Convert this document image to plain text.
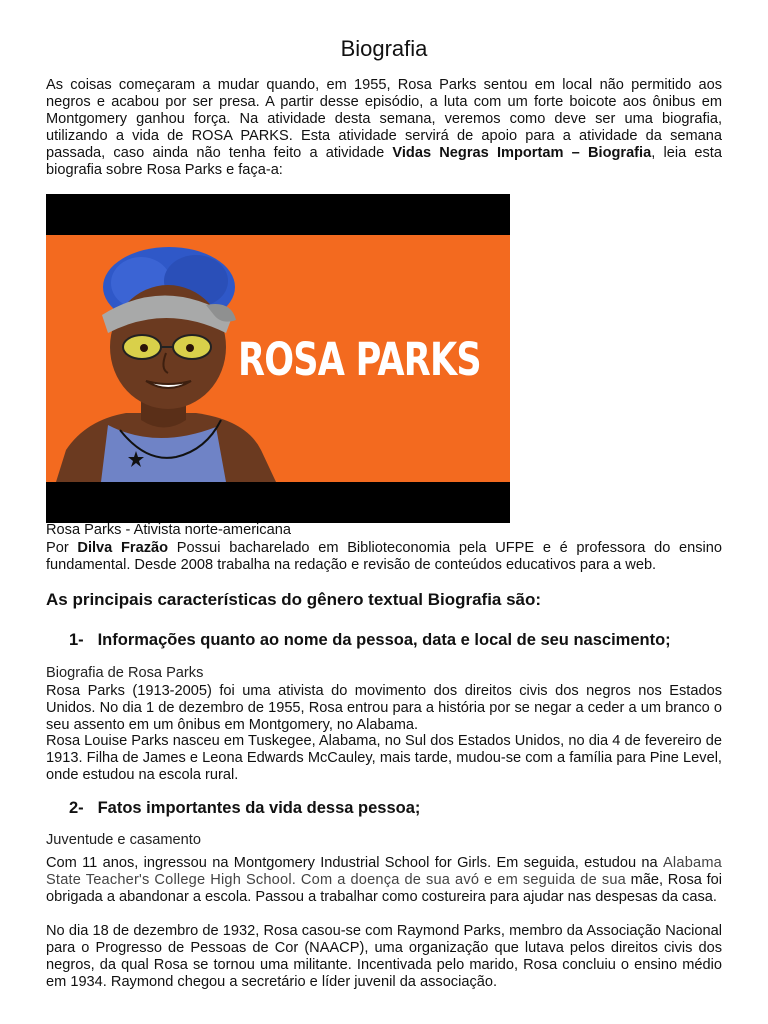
Biografia

As coisas começaram a mudar quando, em 1955, Rosa Parks sentou em local não permitido aos negros e acabou por ser presa. A partir desse episódio, a luta com um forte boicote aos ônibus em Montgomery ganhou força. Na atividade desta semana, veremos como deve ser uma biografia, utilizando a vida de ROSA PARKS. Esta atividade servirá de apoio para a atividade da semana passada, caso ainda não tenha feito a atividade Vidas Negras Importam – Biografia, leia esta biografia sobre Rosa Parks e faça-a:

ROSA PARKS

Rosa Parks - Ativista norte-americana

Por Dilva Frazão Possui bacharelado em Biblioteconomia pela UFPE e é professora do ensino fundamental. Desde 2008 trabalha na redação e revisão de conteúdos educativos para a web.

As principais características do gênero textual Biografia são:

1- Informações quanto ao nome da pessoa, data e local de seu nascimento;

Biografia de Rosa Parks

Rosa Parks (1913-2005) foi uma ativista do movimento dos direitos civis dos negros nos Estados Unidos. No dia 1 de dezembro de 1955, Rosa entrou para a história por se negar a ceder a um branco o seu assento em um ônibus em Montgomery, no Alabama.

Rosa Louise Parks nasceu em Tuskegee, Alabama, no Sul dos Estados Unidos, no dia 4 de fevereiro de 1913. Filha de James e Leona Edwards McCauley, mais tarde, mudou-se com a família para Pine Level, onde estudou na escola rural.

2- Fatos importantes da vida dessa pessoa;

Juventude e casamento

Com 11 anos, ingressou na Montgomery Industrial School for Girls. Em seguida, estudou na Alabama State Teacher's College High School. Com a doença de sua avó e em seguida de sua mãe, Rosa foi obrigada a abandonar a escola. Passou a trabalhar como costureira para ajudar nas despesas da casa.

No dia 18 de dezembro de 1932, Rosa casou-se com Raymond Parks, membro da Associação Nacional para o Progresso de Pessoas de Cor (NAACP), uma organização que lutava pelos direitos civis dos negros, da qual Rosa se tornou uma militante. Incentivada pelo marido, Rosa concluiu o ensino médio em 1934. Raymond chegou a secretário e líder juvenil da associação.
